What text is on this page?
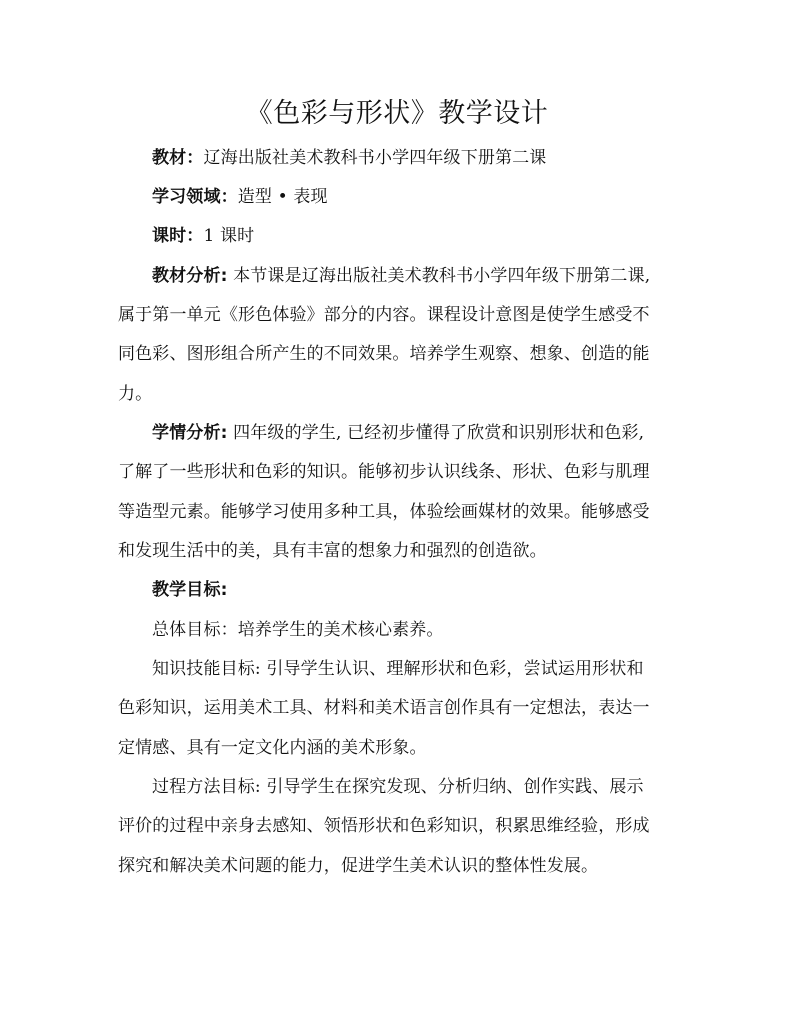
《色彩与形状》教学设计
教材：辽海出版社美术教科书小学四年级下册第二课
学习领域：造型 • 表现
课时：1 课时
教材分析: 本节课是辽海出版社美术教科书小学四年级下册第二课,
属于第一单元《形色体验》部分的内容。课程设计意图是使学生感受不
同色彩、图形组合所产生的不同效果。培养学生观察、想象、创造的能
力。
学情分析: 四年级的学生, 已经初步懂得了欣赏和识别形状和色彩,
了解了一些形状和色彩的知识。能够初步认识线条、形状、色彩与肌理
等造型元素。能够学习使用多种工具，体验绘画媒材的效果。能够感受
和发现生活中的美，具有丰富的想象力和强烈的创造欲。
教学目标:
总体目标：培养学生的美术核心素养。
知识技能目标: 引导学生认识、理解形状和色彩，尝试运用形状和
色彩知识，运用美术工具、材料和美术语言创作具有一定想法，表达一
定情感、具有一定文化内涵的美术形象。
过程方法目标: 引导学生在探究发现、分析归纳、创作实践、展示
评价的过程中亲身去感知、领悟形状和色彩知识，积累思维经验，形成
探究和解决美术问题的能力，促进学生美术认识的整体性发展。
